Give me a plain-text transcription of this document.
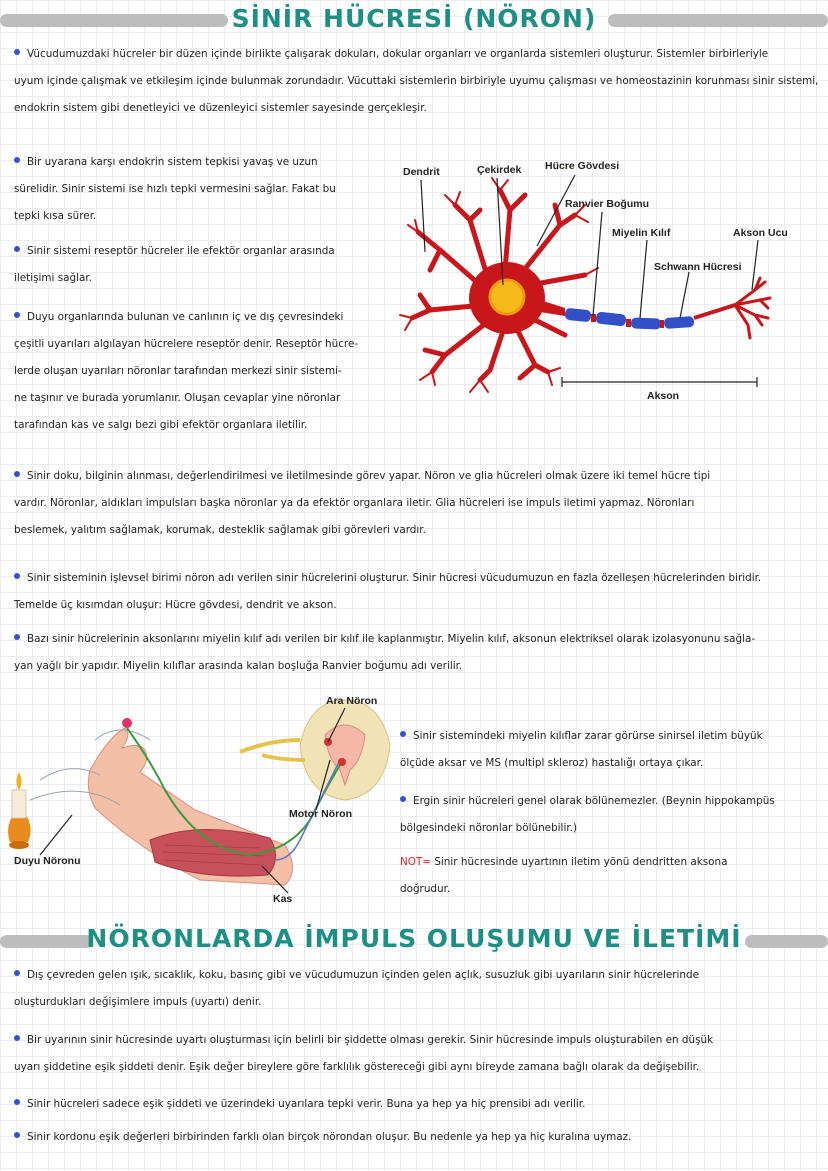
SİNİR HÜCRESİ (NÖRON)
Vücudumuzdaki hücreler bir düzen içinde birlikte çalışarak dokuları, dokular organları ve organlarda sistemleri oluşturur. Sistemler birbirleriyle
uyum içinde çalışmak ve etkileşim içinde bulunmak zorundadır. Vücuttaki sistemlerin birbiriyle uyumu çalışması ve homeostazinin korunması sinir sistemi,
endokrin sistem gibi denetleyici ve düzenleyici sistemler sayesinde gerçekleşir.
Bir uyarana karşı endokrin sistem tepkisi yavaş ve uzun
sürelidir. Sinir sistemi ise hızlı tepki vermesini sağlar. Fakat bu
tepki kısa sürer.
Sinir sistemi reseptör hücreler ile efektör organlar arasında
iletişimi sağlar.
Duyu organlarında bulunan ve canlının iç ve dış çevresindeki
çeşitli uyarıları algılayan hücrelere reseptör denir. Reseptör hücre-
lerde oluşan uyarıları nöronlar tarafından merkezi sinir sistemi-
ne taşınır ve burada yorumlanır. Oluşan cevaplar yine nöronlar
tarafından kas ve salgı bezi gibi efektör organlara iletilir.
Dendrit	Çekirdek Hücre Gövdesi
Ranvier Boğumu
Miyelin Kılıf	Akson Ucu
Schwann Hücresi
Akson
Sinir doku, bilginin alınması, değerlendirilmesi ve iletilmesinde görev yapar. Nöron ve glia hücreleri olmak üzere iki temel hücre tipi
vardır. Nöronlar, aldıkları impulsları başka nöronlar ya da efektör organlara iletir. Glia hücreleri ise impuls iletimi yapmaz. Nöronları
beslemek, yalıtım sağlamak, korumak, desteklik sağlamak gibi görevleri vardır.
Sinir sisteminin işlevsel birimi nöron adı verilen sinir hücrelerini oluşturur. Sinir hücresi vücudumuzun en fazla özelleşen hücrelerinden biridir.
Temelde üç kısımdan oluşur: Hücre gövdesi, dendrit ve akson.
Bazı sinir hücrelerinin aksonlarını miyelin kılıf adı verilen bir kılıf ile kaplanmıştır. Miyelin kılıf, aksonun elektriksel olarak izolasyonunu sağla-
yan yağlı bir yapıdır. Miyelin kılıflar arasında kalan boşluğa Ranvier boğumu adı verilir.
Ara Nöron
Motor Nöron
Duyu Nöronu
Kas
Sinir sistemindeki miyelin kılıflar zarar görürse sinirsel iletim büyük
ölçüde aksar ve MS (multipl skleroz) hastalığı ortaya çıkar.
Ergin sinir hücreleri genel olarak bölünemezler. (Beynin hippokampüs
bölgesindeki nöronlar bölünebilir.)
NOT= Sinir hücresinde uyartının iletim yönü dendritten aksona
doğrudur.
NÖRONLARDA İMPULS OLUŞUMU VE İLETİMİ
Dış çevreden gelen ışık, sıcaklık, koku, basınç gibi ve vücudumuzun içinden gelen açlık, susuzluk gibi uyarıların sinir hücrelerinde
oluşturdukları değişimlere impuls (uyartı) denir.
Bir uyarının sinir hücresinde uyartı oluşturması için belirli bir şiddette olması gerekir. Sinir hücresinde impuls oluşturabilen en düşük
uyarı şiddetine eşik şiddeti denir. Eşik değer bireylere göre farklılık göstereceği gibi aynı bireyde zamana bağlı olarak da değişebilir.
Sinir hücreleri sadece eşik şiddeti ve üzerindeki uyarılara tepki verir. Buna ya hep ya hiç prensibi adı verilir.
Sinir kordonu eşik değerleri birbirinden farklı olan birçok nörondan oluşur. Bu nedenle ya hep ya hiç kuralına uymaz.
